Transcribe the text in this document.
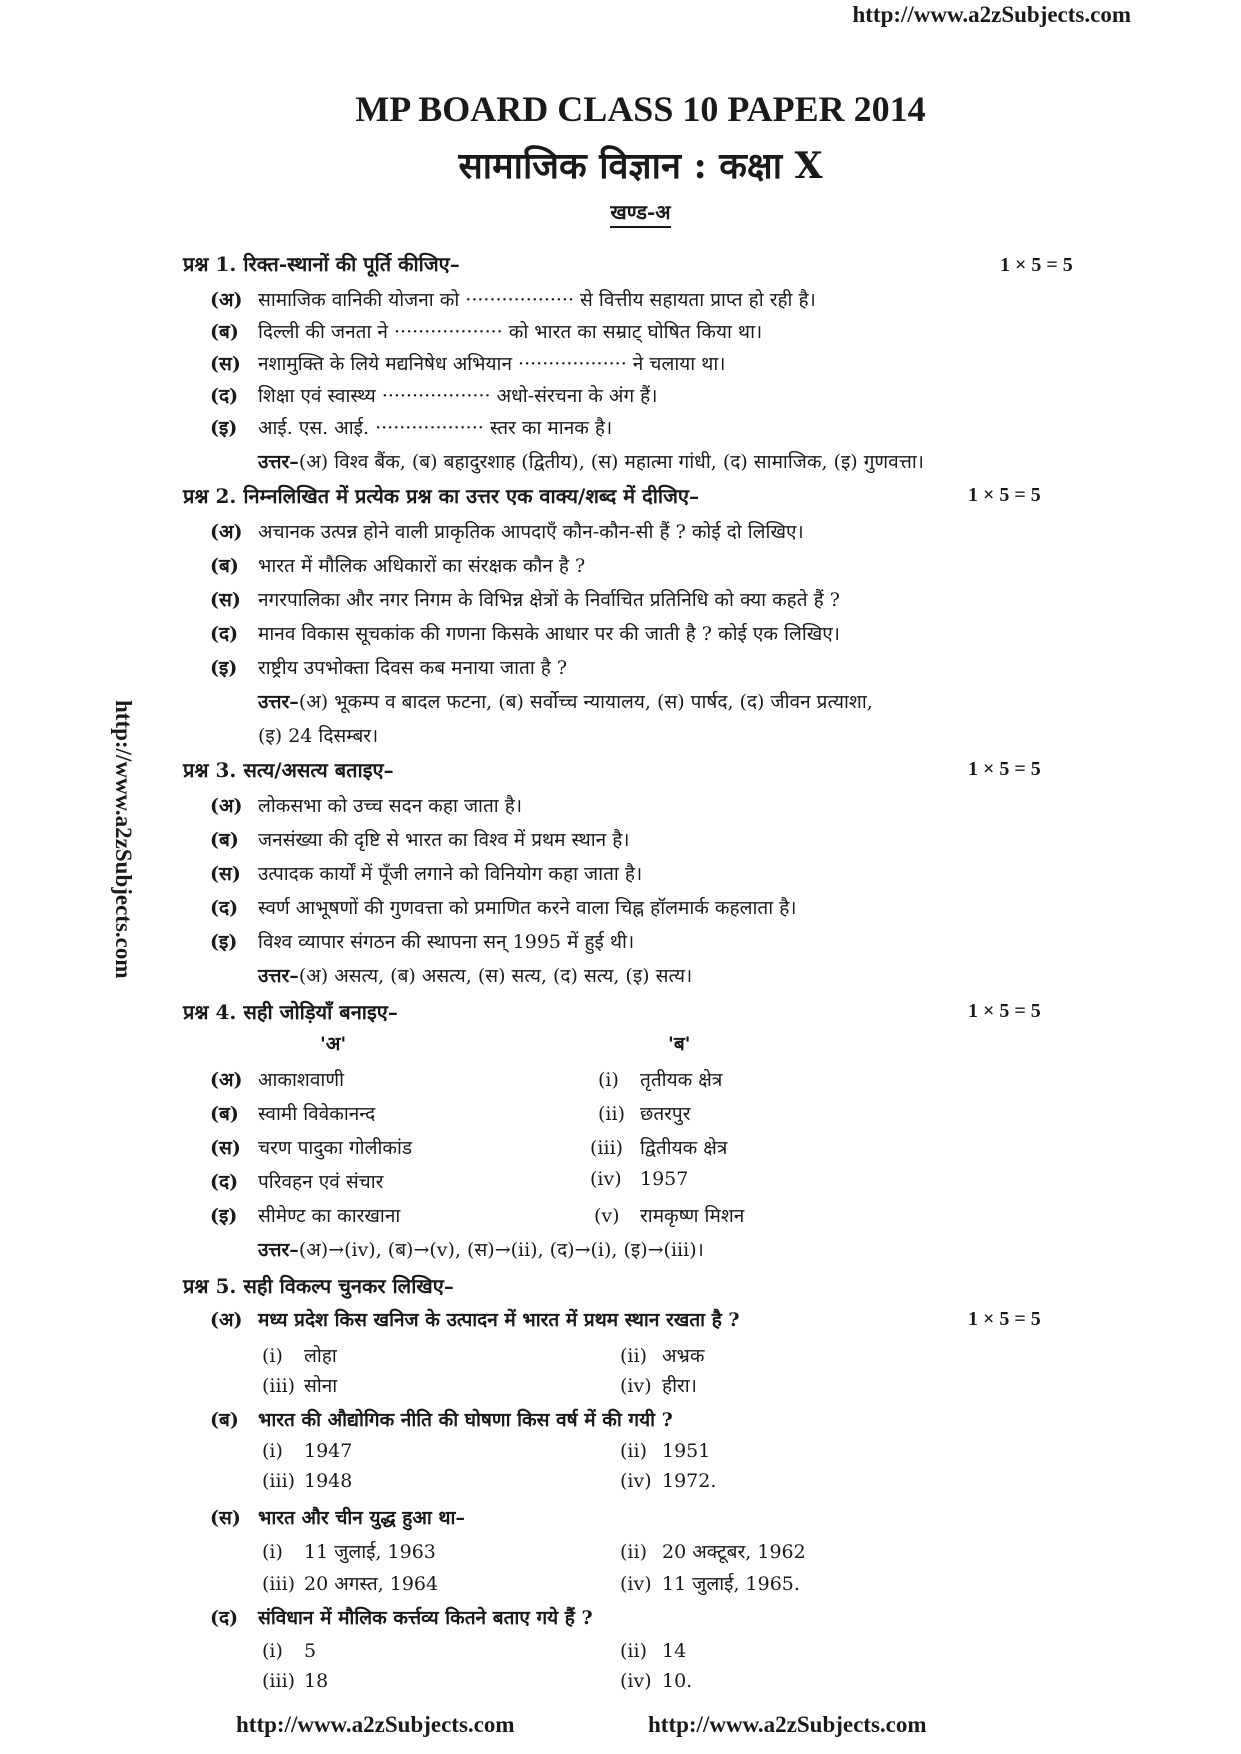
http://www.a2zSubjects.com
http://www.a2zSubjects.com
MP BOARD CLASS 10 PAPER 2014
सामाजिक विज्ञान : कक्षा X
खण्ड-अ
प्रश्न 1. रिक्त-स्थानों की पूर्ति कीजिए–	1 × 5 = 5
(अ) सामाजिक वानिकी योजना को ·················· से वित्तीय सहायता प्राप्त हो रही है।
(ब) दिल्ली की जनता ने ·················· को भारत का सम्राट् घोषित किया था।
(स) नशामुक्ति के लिये मद्यनिषेध अभियान ·················· ने चलाया था।
(द) शिक्षा एवं स्वास्थ्य ·················· अधो-संरचना के अंग हैं।
(इ) आई. एस. आई. ·················· स्तर का मानक है।
उत्तर–(अ) विश्व बैंक, (ब) बहादुरशाह (द्वितीय), (स) महात्मा गांधी, (द) सामाजिक, (इ) गुणवत्ता।
प्रश्न 2. निम्नलिखित में प्रत्येक प्रश्न का उत्तर एक वाक्य/शब्द में दीजिए–	1 × 5 = 5
(अ) अचानक उत्पन्न होने वाली प्राकृतिक आपदाएँ कौन-कौन-सी हैं ? कोई दो लिखिए।
(ब) भारत में मौलिक अधिकारों का संरक्षक कौन है ?
(स) नगरपालिका और नगर निगम के विभिन्न क्षेत्रों के निर्वाचित प्रतिनिधि को क्या कहते हैं ?
(द) मानव विकास सूचकांक की गणना किसके आधार पर की जाती है ? कोई एक लिखिए।
(इ) राष्ट्रीय उपभोक्ता दिवस कब मनाया जाता है ?
उत्तर–(अ) भूकम्प व बादल फटना, (ब) सर्वोच्च न्यायालय, (स) पार्षद, (द) जीवन प्रत्याशा,
(इ) 24 दिसम्बर।
प्रश्न 3. सत्य/असत्य बताइए–	1 × 5 = 5
(अ) लोकसभा को उच्च सदन कहा जाता है।
(ब) जनसंख्या की दृष्टि से भारत का विश्व में प्रथम स्थान है।
(स) उत्पादक कार्यों में पूँजी लगाने को विनियोग कहा जाता है।
(द) स्वर्ण आभूषणों की गुणवत्ता को प्रमाणित करने वाला चिह्न हॉलमार्क कहलाता है।
(इ) विश्व व्यापार संगठन की स्थापना सन् 1995 में हुई थी।
उत्तर–(अ) असत्य, (ब) असत्य, (स) सत्य, (द) सत्य, (इ) सत्य।
प्रश्न 4. सही जोड़ियाँ बनाइए–	1 × 5 = 5
'अ'	'ब'
(अ) आकाशवाणी	(i) तृतीयक क्षेत्र
(ब) स्वामी विवेकानन्द	(ii) छतरपुर
(स) चरण पादुका गोलीकांड	(iii) द्वितीयक क्षेत्र
(द) परिवहन एवं संचार	(iv) 1957
(इ) सीमेण्ट का कारखाना	(v) रामकृष्ण मिशन
उत्तर–(अ)→(iv), (ब)→(v), (स)→(ii), (द)→(i), (इ)→(iii)।
प्रश्न 5. सही विकल्प चुनकर लिखिए–
1 × 5 = 5
(अ) मध्य प्रदेश किस खनिज के उत्पादन में भारत में प्रथम स्थान रखता है ?
(i) लोहा	(ii) अभ्रक
(iii) सोना	(iv) हीरा।
(ब) भारत की औद्योगिक नीति की घोषणा किस वर्ष में की गयी ?
(i) 1947	(ii) 1951
(iii) 1948	(iv) 1972.
(स) भारत और चीन युद्ध हुआ था–
(i) 11 जुलाई, 1963	(ii) 20 अक्टूबर, 1962
(iii) 20 अगस्त, 1964	(iv) 11 जुलाई, 1965.
(द) संविधान में मौलिक कर्त्तव्य कितने बताए गये हैं ?
(i) 5	(ii) 14
(iii) 18	(iv) 10.
http://www.a2zSubjects.com	http://www.a2zSubjects.com
